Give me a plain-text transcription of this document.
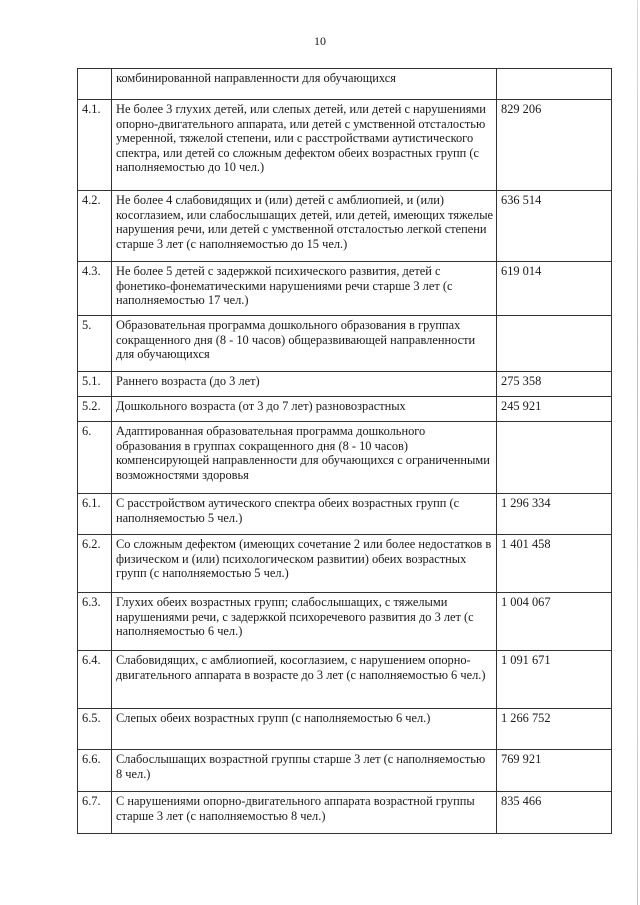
10
	комбинированной направленности для обучающихся	
4.1.	Не более 3 глухих детей, или слепых детей, или детей с нарушениями опорно-двигательного аппарата, или детей с умственной отсталостью умеренной, тяжелой степени, или с расстройствами аутистического спектра, или детей со сложным дефектом обеих возрастных групп (с наполняемостью до 10 чел.)	829 206
4.2.	Не более 4 слабовидящих и (или) детей с амблиопией, и (или) косоглазием, или слабослышащих детей, или детей, имеющих тяжелые нарушения речи, или детей с умственной отсталостью легкой степени старше 3 лет (с наполняемостью до 15 чел.)	636 514
4.3.	Не более 5 детей с задержкой психического развития, детей с фонетико-фонематическими нарушениями речи старше 3 лет (с наполняемостью 17 чел.)	619 014
5.	Образовательная программа дошкольного образования в группах сокращенного дня (8 - 10 часов) общеразвивающей направленности для обучающихся	
5.1.	Раннего возраста (до 3 лет)	275 358
5.2.	Дошкольного возраста (от 3 до 7 лет) разновозрастных	245 921
6.	Адаптированная образовательная программа дошкольного образования в группах сокращенного дня (8 - 10 часов) компенсирующей направленности для обучающихся с ограниченными возможностями здоровья	
6.1.	С расстройством аутического спектра обеих возрастных групп (с наполняемостью 5 чел.)	1 296 334
6.2.	Со сложным дефектом (имеющих сочетание 2 или более недостатков в физическом и (или) психологическом развитии) обеих возрастных групп (с наполняемостью 5 чел.)	1 401 458
6.3.	Глухих обеих возрастных групп; слабослышащих, с тяжелыми нарушениями речи, с задержкой психоречевого развития до 3 лет (с наполняемостью 6 чел.)	1 004 067
6.4.	Слабовидящих, с амблиопией, косоглазием, с нарушением опорно-двигательного аппарата в возрасте до 3 лет (с наполняемостью 6 чел.)	1 091 671
6.5.	Слепых обеих возрастных групп (с наполняемостью 6 чел.)	1 266 752
6.6.	Слабослышащих возрастной группы старше 3 лет (с наполняемостью 8 чел.)	769 921
6.7.	С нарушениями опорно-двигательного аппарата возрастной группы старше 3 лет (с наполняемостью 8 чел.)	835 466
